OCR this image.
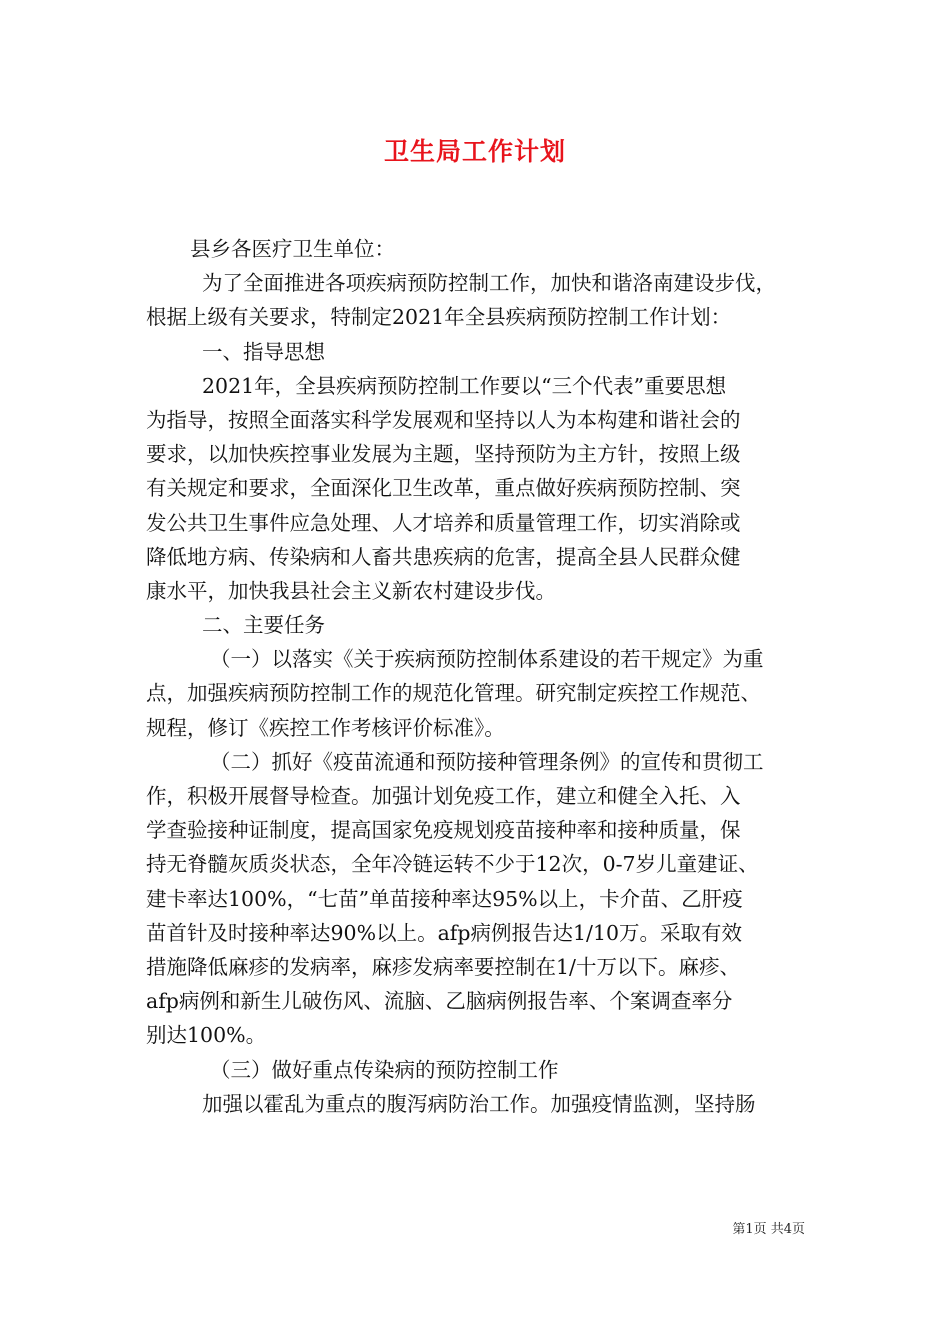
卫生局工作计划
县乡各医疗卫生单位：
为了全面推进各项疾病预防控制工作，加快和谐洛南建设步伐，
根据上级有关要求，特制定2021年全县疾病预防控制工作计划：
一、指导思想
2021年，全县疾病预防控制工作要以“三个代表”重要思想
为指导，按照全面落实科学发展观和坚持以人为本构建和谐社会的
要求，以加快疾控事业发展为主题，坚持预防为主方针，按照上级
有关规定和要求，全面深化卫生改革，重点做好疾病预防控制、突
发公共卫生事件应急处理、人才培养和质量管理工作，切实消除或
降低地方病、传染病和人畜共患疾病的危害，提高全县人民群众健
康水平，加快我县社会主义新农村建设步伐。
二、主要任务
（一）以落实《关于疾病预防控制体系建设的若干规定》为重
点，加强疾病预防控制工作的规范化管理。研究制定疾控工作规范、
规程，修订《疾控工作考核评价标准》。
（二）抓好《疫苗流通和预防接种管理条例》的宣传和贯彻工
作，积极开展督导检查。加强计划免疫工作，建立和健全入托、入
学查验接种证制度，提高国家免疫规划疫苗接种率和接种质量，保
持无脊髓灰质炎状态，全年冷链运转不少于12次，0-7岁儿童建证、
建卡率达100%，“七苗”单苗接种率达95%以上，卡介苗、乙肝疫
苗首针及时接种率达90%以上。afp病例报告达1/10万。采取有效
措施降低麻疹的发病率，麻疹发病率要控制在1/十万以下。麻疹、
afp病例和新生儿破伤风、流脑、乙脑病例报告率、个案调查率分
别达100%。
（三）做好重点传染病的预防控制工作
加强以霍乱为重点的腹泻病防治工作。加强疫情监测，坚持肠
第1页 共4页
